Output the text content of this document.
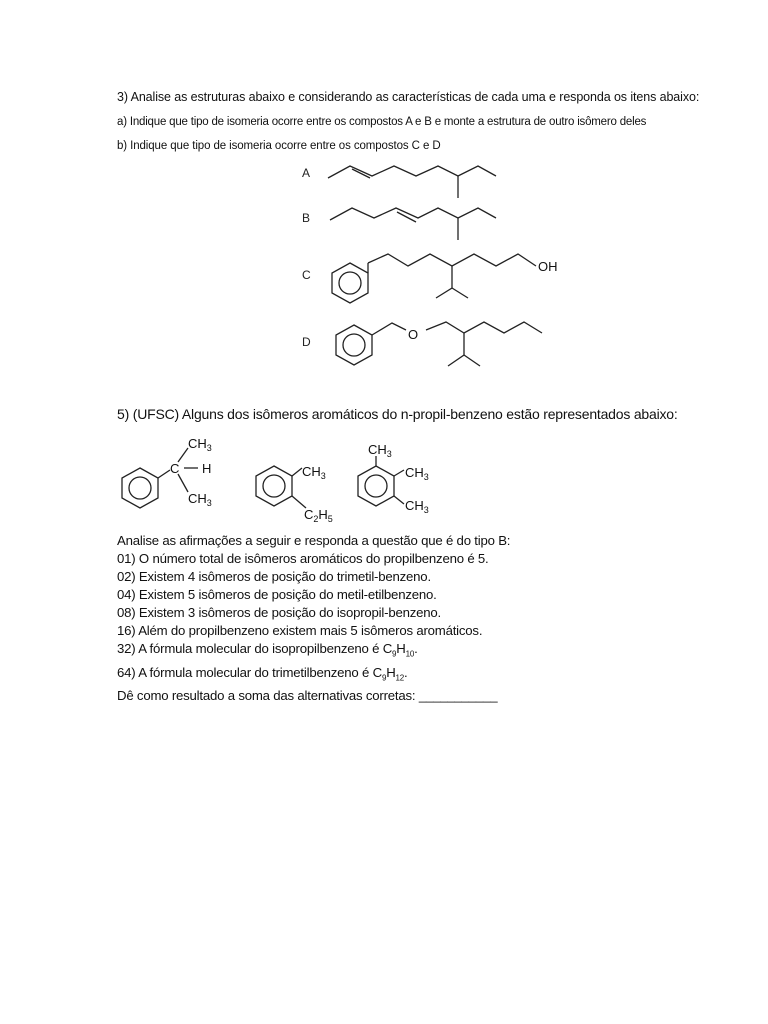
3) Analise as estruturas abaixo e considerando as características de cada uma e responda os itens abaixo:
a) Indique que tipo de isomeria ocorre entre os compostos A e B e monte a estrutura de outro isômero deles
b) Indique que tipo de isomeria ocorre entre os compostos C e D
A
B
C
OH
D	O
5) (UFSC) Alguns dos isômeros aromáticos do n-propil-benzeno estão representados abaixo:
$CH_3$
C H
$CH_3$
$CH_3$
$C_2H_5$
$CH_3$
$CH_3$
$CH_3$
Analise as afirmações a seguir e responda a questão que é do tipo B:
01) O número total de isômeros aromáticos do propilbenzeno é 5.
02) Existem 4 isômeros de posição do trimetil-benzeno.
04) Existem 5 isômeros de posição do metil-etilbenzeno.
08) Existem 3 isômeros de posição do isopropil-benzeno.
16) Além do propilbenzeno existem mais 5 isômeros aromáticos.
32) A fórmula molecular do isopropilbenzeno é $C_9H_{10}$.
64) A fórmula molecular do trimetilbenzeno é $C_9H_{12}$.
Dê como resultado a soma das alternativas corretas: ___________
